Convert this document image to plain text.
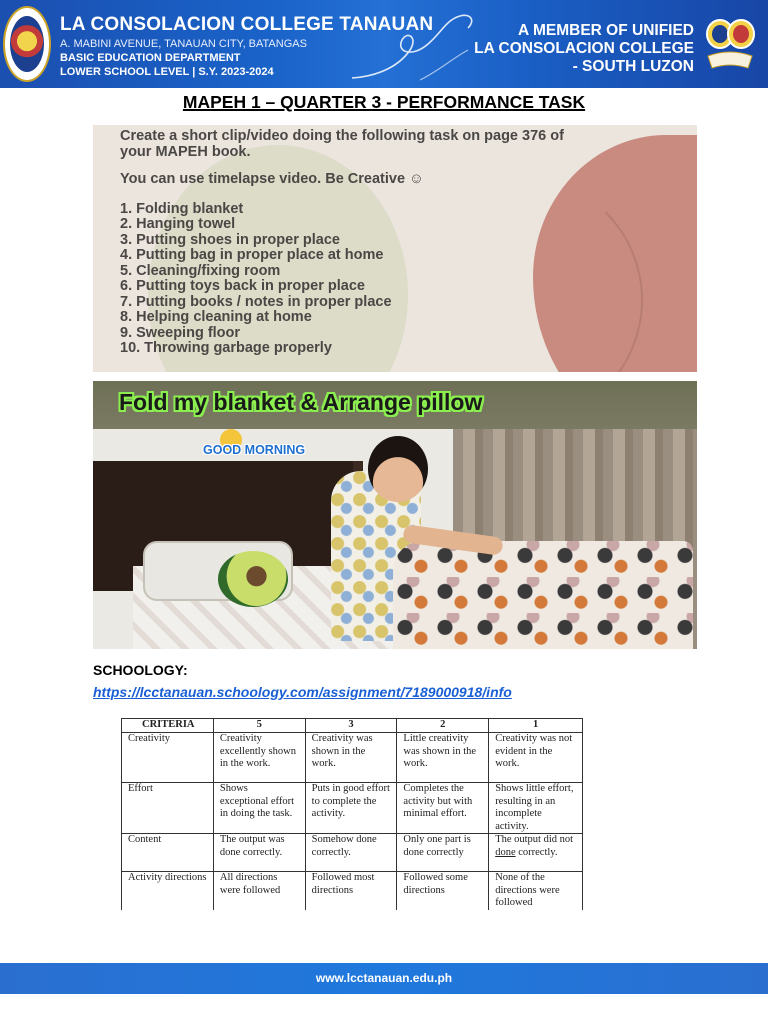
LA CONSOLACION COLLEGE TANAUAN
A. MABINI AVENUE, TANAUAN CITY, BATANGAS
BASIC EDUCATION DEPARTMENT
LOWER SCHOOL LEVEL | S.Y. 2023-2024
A MEMBER OF UNIFIED
LA CONSOLACION COLLEGE
- SOUTH LUZON
MAPEH 1 – QUARTER 3 - PERFORMANCE TASK
Create a short clip/video doing the following task on page 376 of
your MAPEH book.
You can use timelapse video. Be Creative ☺
1. Folding blanket
2. Hanging towel
3. Putting shoes in proper place
4. Putting bag in proper place at home
5. Cleaning/fixing room
6. Putting toys back in proper place
7. Putting books / notes in proper place
8. Helping cleaning at home
9. Sweeping floor
10. Throwing garbage properly
Fold my blanket & Arrange pillow
GOOD MORNING
SCHOOLOGY:
https://lcctanauan.schoology.com/assignment/7189000918/info
CRITERIA	5	3	2	1
Creativity	Creativity excellently shown in the work.	Creativity was shown in the work.	Little creativity was shown in the work.	Creativity was not evident in the work.
Effort	Shows exceptional effort in doing the task.	Puts in good effort to complete the activity.	Completes the activity but with minimal effort.	Shows little effort, resulting in an incomplete activity.
Content	The output was done correctly.	Somehow done correctly.	Only one part is done correctly	The output did not done correctly.
Activity directions	All directions were followed	Followed most directions	Followed some directions	None of the directions were followed
www.lcctanauan.edu.ph
